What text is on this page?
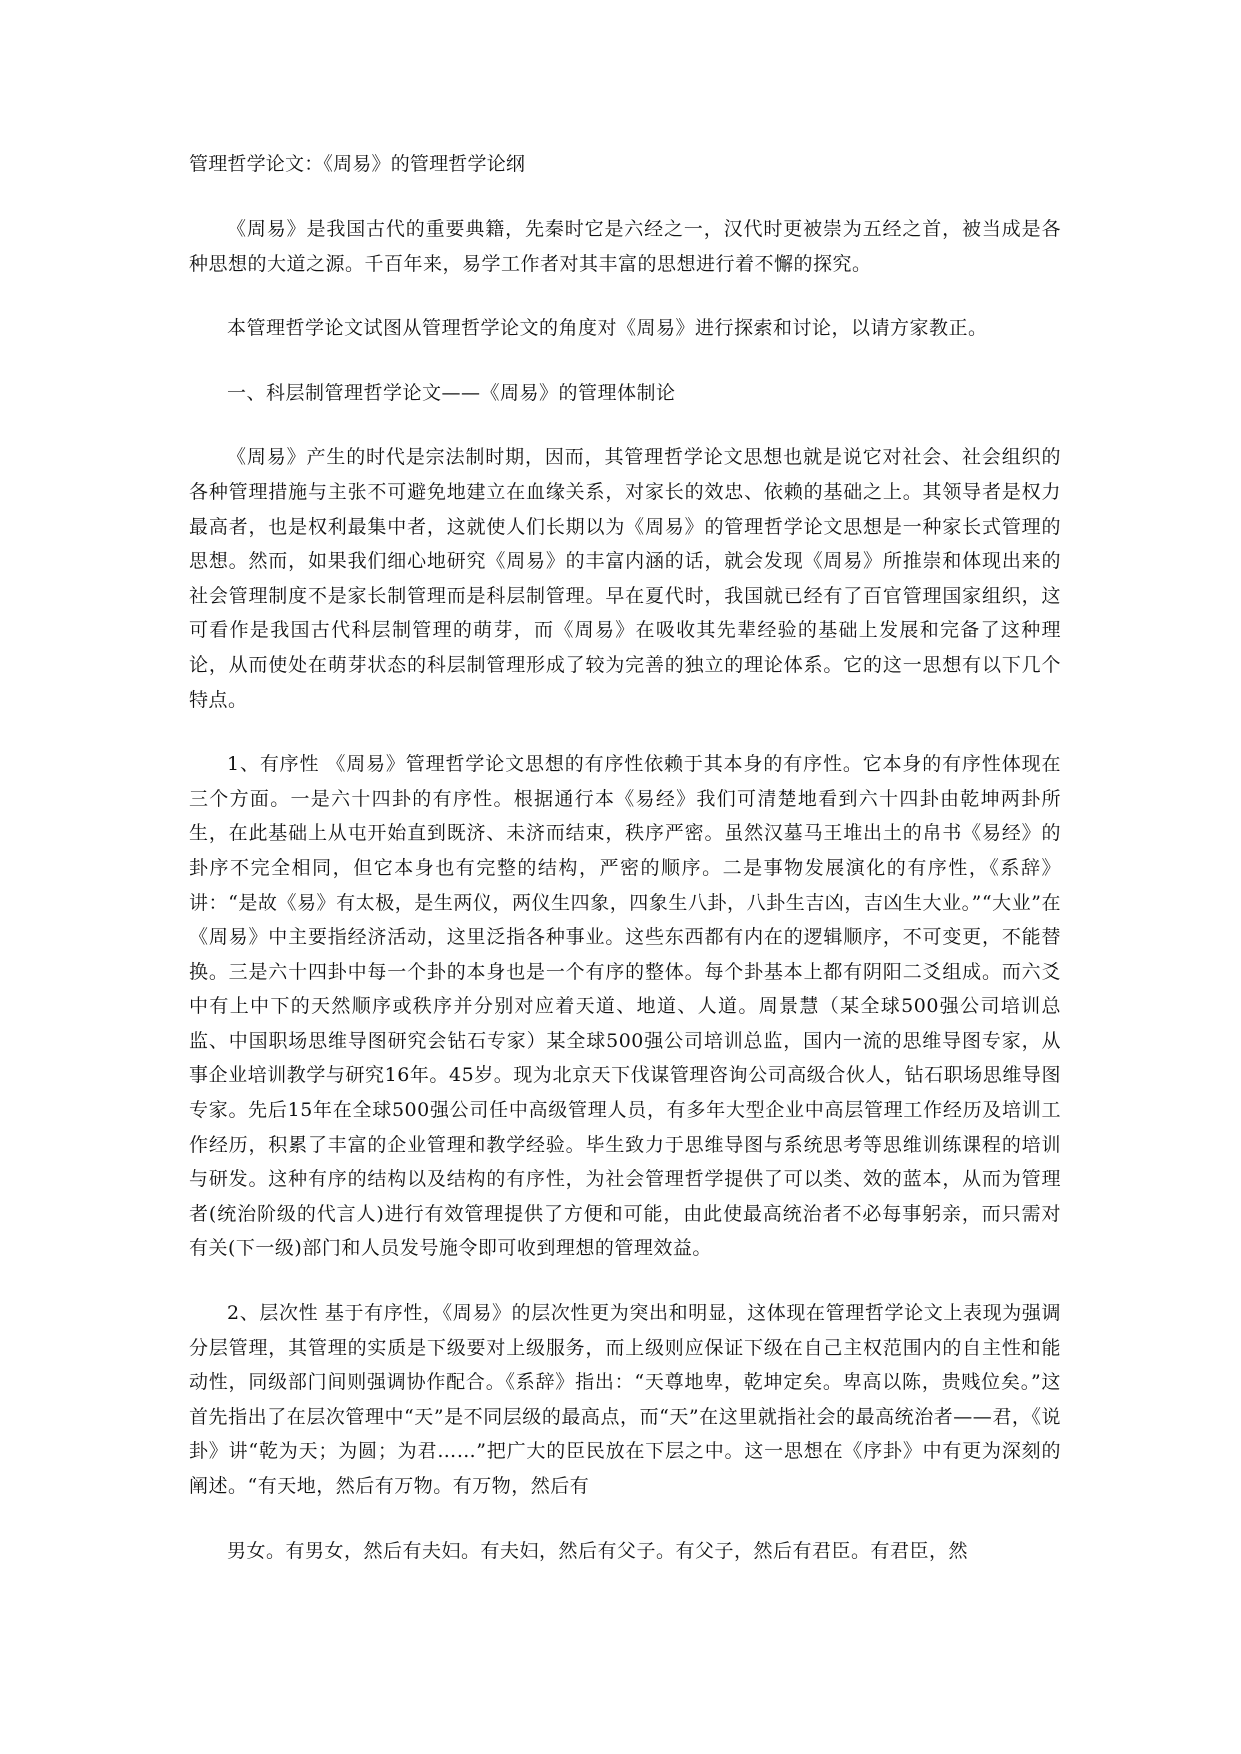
管理哲学论文：《周易》的管理哲学论纲

《周易》是我国古代的重要典籍，先秦时它是六经之一，汉代时更被崇为五经之首，被当成是各种思想的大道之源。千百年来，易学工作者对其丰富的思想进行着不懈的探究。

本管理哲学论文试图从管理哲学论文的角度对《周易》进行探索和讨论，以请方家教正。

一、科层制管理哲学论文——《周易》的管理体制论

《周易》产生的时代是宗法制时期，因而，其管理哲学论文思想也就是说它对社会、社会组织的各种管理措施与主张不可避免地建立在血缘关系，对家长的效忠、依赖的基础之上。其领导者是权力最高者，也是权利最集中者，这就使人们长期以为《周易》的管理哲学论文思想是一种家长式管理的思想。然而，如果我们细心地研究《周易》的丰富内涵的话，就会发现《周易》所推崇和体现出来的社会管理制度不是家长制管理而是科层制管理。早在夏代时，我国就已经有了百官管理国家组织，这可看作是我国古代科层制管理的萌芽，而《周易》在吸收其先辈经验的基础上发展和完备了这种理论，从而使处在萌芽状态的科层制管理形成了较为完善的独立的理论体系。它的这一思想有以下几个特点。

1、有序性 《周易》管理哲学论文思想的有序性依赖于其本身的有序性。它本身的有序性体现在三个方面。一是六十四卦的有序性。根据通行本《易经》我们可清楚地看到六十四卦由乾坤两卦所生，在此基础上从屯开始直到既济、未济而结束，秩序严密。虽然汉墓马王堆出土的帛书《易经》的卦序不完全相同，但它本身也有完整的结构，严密的顺序。二是事物发展演化的有序性，《系辞》讲：“是故《易》有太极，是生两仪，两仪生四象，四象生八卦，八卦生吉凶，吉凶生大业。”“大业”在《周易》中主要指经济活动，这里泛指各种事业。这些东西都有内在的逻辑顺序，不可变更，不能替换。三是六十四卦中每一个卦的本身也是一个有序的整体。每个卦基本上都有阴阳二爻组成。而六爻中有上中下的天然顺序或秩序并分别对应着天道、地道、人道。周景慧（某全球500强公司培训总监、中国职场思维导图研究会钻石专家）某全球500强公司培训总监，国内一流的思维导图专家，从事企业培训教学与研究16年。45岁。现为北京天下伐谋管理咨询公司高级合伙人，钻石职场思维导图专家。先后15年在全球500强公司任中高级管理人员，有多年大型企业中高层管理工作经历及培训工作经历，积累了丰富的企业管理和教学经验。毕生致力于思维导图与系统思考等思维训练课程的培训与研发。这种有序的结构以及结构的有序性，为社会管理哲学提供了可以类、效的蓝本，从而为管理者(统治阶级的代言人)进行有效管理提供了方便和可能，由此使最高统治者不必每事躬亲，而只需对有关(下一级)部门和人员发号施令即可收到理想的管理效益。

2、层次性 基于有序性，《周易》的层次性更为突出和明显，这体现在管理哲学论文上表现为强调分层管理，其管理的实质是下级要对上级服务，而上级则应保证下级在自己主权范围内的自主性和能动性，同级部门间则强调协作配合。《系辞》指出：“天尊地卑，乾坤定矣。卑高以陈，贵贱位矣。”这首先指出了在层次管理中“天”是不同层级的最高点，而“天”在这里就指社会的最高统治者——君，《说卦》讲“乾为天；为圆；为君……”把广大的臣民放在下层之中。这一思想在《序卦》中有更为深刻的阐述。“有天地，然后有万物。有万物，然后有

男女。有男女，然后有夫妇。有夫妇，然后有父子。有父子，然后有君臣。有君臣，然
